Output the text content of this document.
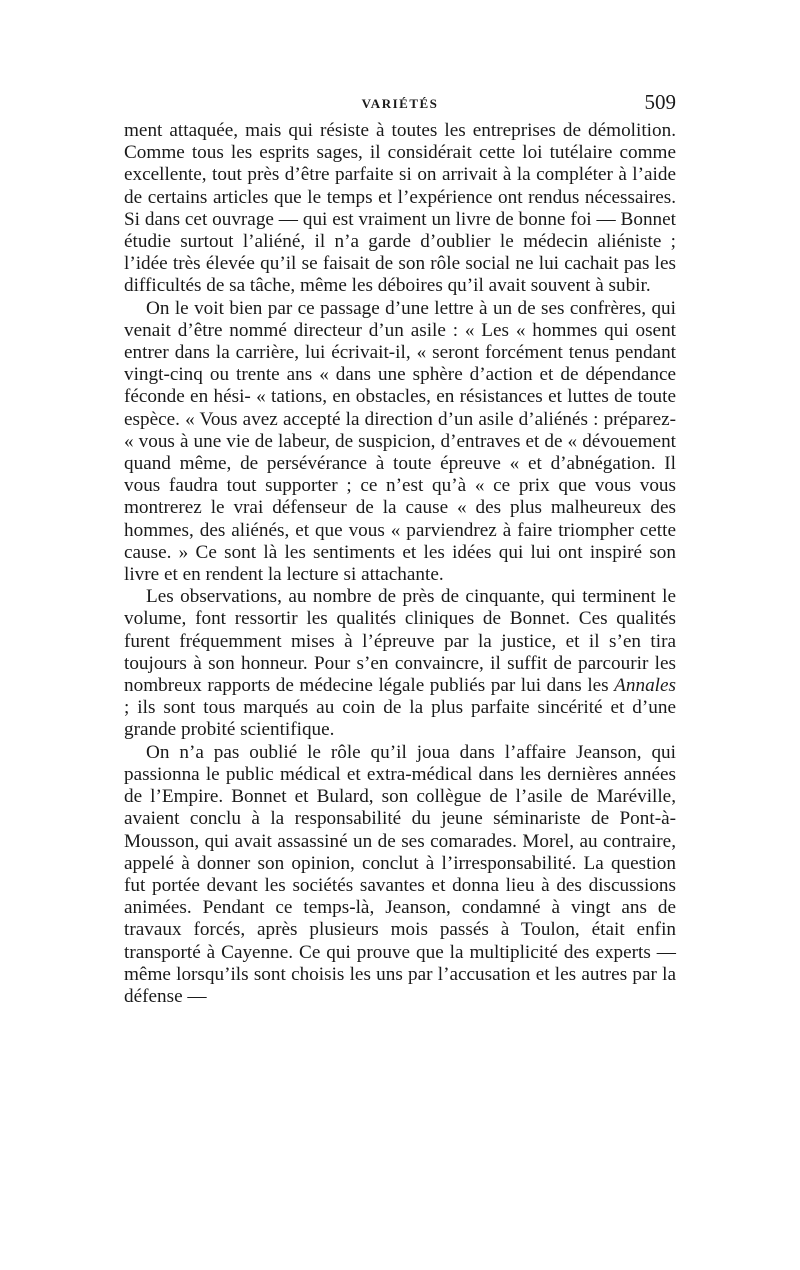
VARIÉTÉS	509

ment attaquée, mais qui résiste à toutes les entreprises de démolition. Comme tous les esprits sages, il considérait cette loi tutélaire comme excellente, tout près d’être parfaite si on arrivait à la compléter à l’aide de certains articles que le temps et l’expérience ont rendus nécessaires. Si dans cet ouvrage — qui est vraiment un livre de bonne foi — Bonnet étudie surtout l’aliéné, il n’a garde d’oublier le médecin aliéniste ; l’idée très élevée qu’il se faisait de son rôle social ne lui cachait pas les difficultés de sa tâche, même les déboires qu’il avait souvent à subir.

On le voit bien par ce passage d’une lettre à un de ses confrères, qui venait d’être nommé directeur d’un asile : « Les « hommes qui osent entrer dans la carrière, lui écrivait-il, « seront forcément tenus pendant vingt-cinq ou trente ans « dans une sphère d’action et de dépendance féconde en hési- « tations, en obstacles, en résistances et luttes de toute espèce. « Vous avez accepté la direction d’un asile d’aliénés : préparez- « vous à une vie de labeur, de suspicion, d’entraves et de « dévouement quand même, de persévérance à toute épreuve « et d’abnégation. Il vous faudra tout supporter ; ce n’est qu’à « ce prix que vous vous montrerez le vrai défenseur de la cause « des plus malheureux des hommes, des aliénés, et que vous « parviendrez à faire triompher cette cause. » Ce sont là les sentiments et les idées qui lui ont inspiré son livre et en rendent la lecture si attachante.

Les observations, au nombre de près de cinquante, qui terminent le volume, font ressortir les qualités cliniques de Bonnet. Ces qualités furent fréquemment mises à l’épreuve par la justice, et il s’en tira toujours à son honneur. Pour s’en convaincre, il suffit de parcourir les nombreux rapports de médecine légale publiés par lui dans les Annales ; ils sont tous marqués au coin de la plus parfaite sincérité et d’une grande probité scientifique.

On n’a pas oublié le rôle qu’il joua dans l’affaire Jeanson, qui passionna le public médical et extra-médical dans les dernières années de l’Empire. Bonnet et Bulard, son collègue de l’asile de Maréville, avaient conclu à la responsabilité du jeune séminariste de Pont-à-Mousson, qui avait assassiné un de ses comarades. Morel, au contraire, appelé à donner son opinion, conclut à l’irresponsabilité. La question fut portée devant les sociétés savantes et donna lieu à des discussions animées. Pendant ce temps-là, Jeanson, condamné à vingt ans de travaux forcés, après plusieurs mois passés à Toulon, était enfin transporté à Cayenne. Ce qui prouve que la multiplicité des experts — même lorsqu’ils sont choisis les uns par l’accusation et les autres par la défense —
